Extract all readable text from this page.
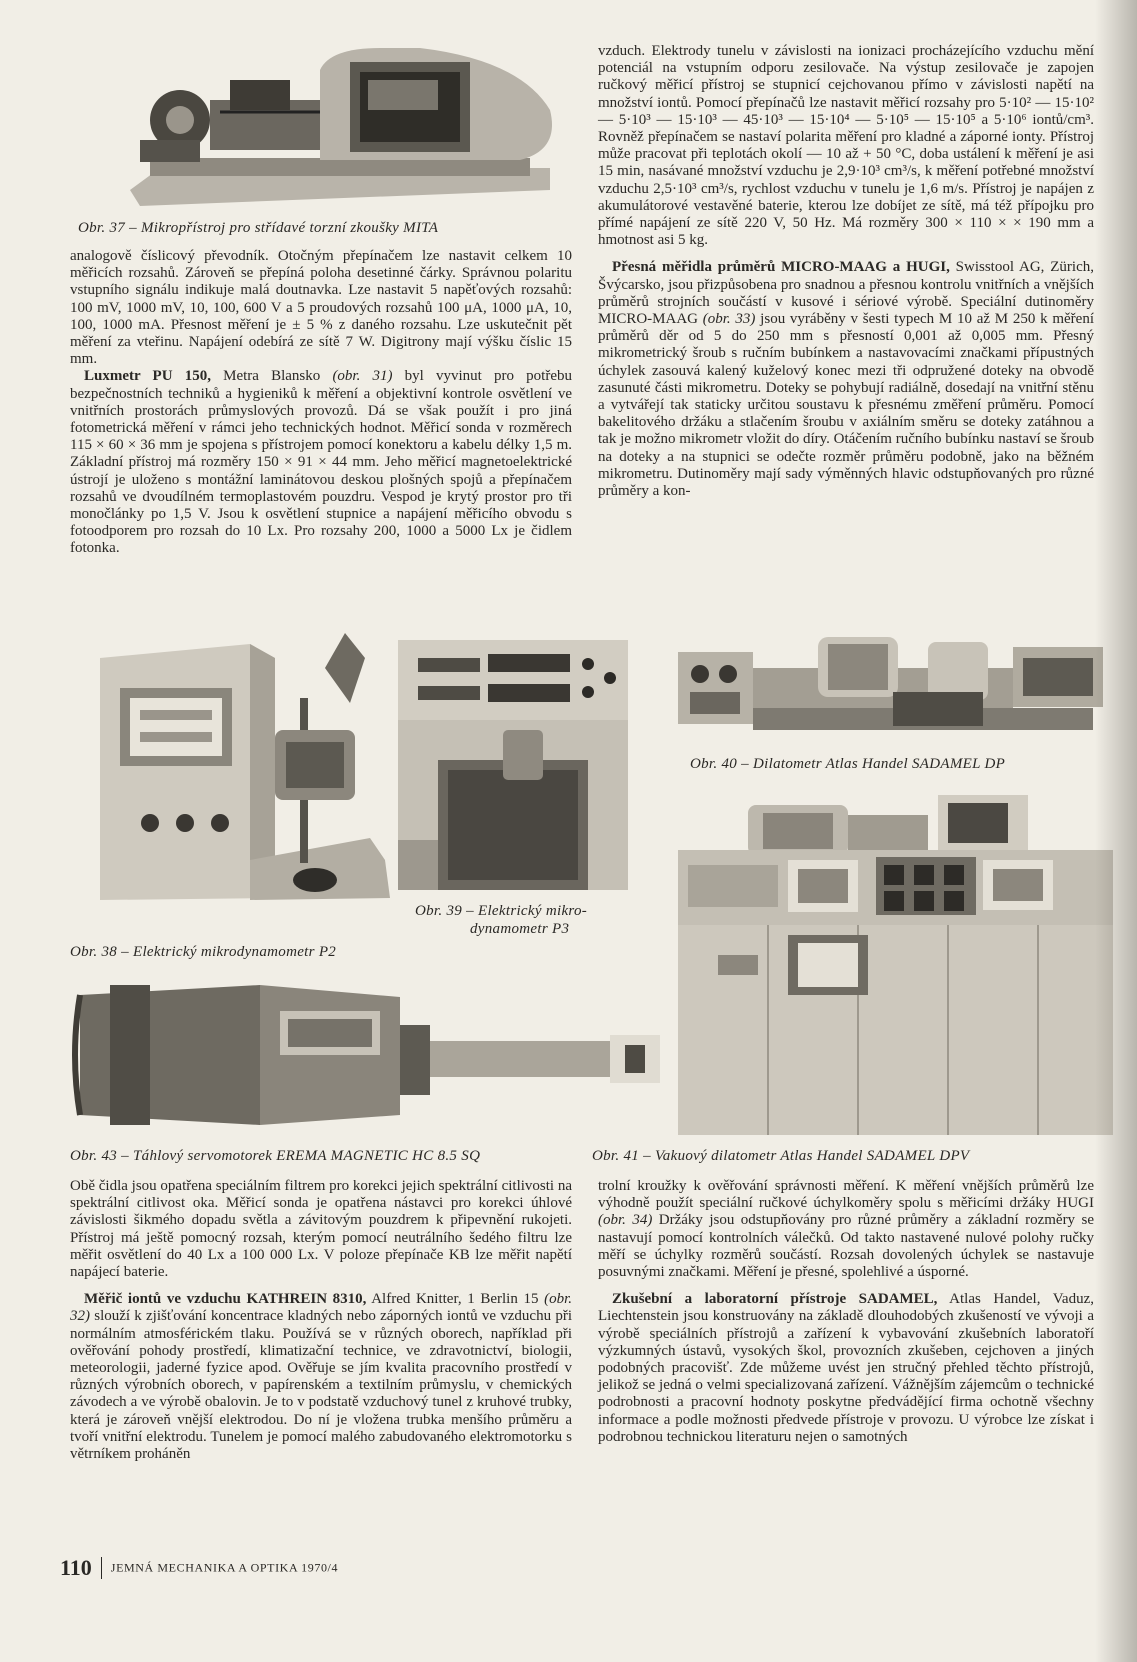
Obr. 37 – Mikropřístroj pro střídavé torzní zkoušky MITA
Obr. 38 – Elektrický mikrodynamometr P2
Obr. 39 – Elektrický mikro-
dynamometr P3
Obr. 40 – Dilatometr Atlas Handel SADAMEL DP
Obr. 41 – Vakuový dilatometr Atlas Handel SADAMEL DPV
Obr. 43 – Táhlový servomotorek EREMA MAGNETIC HC 8.5 SQ

analogově číslicový převodník. Otočným přepínačem lze nastavit celkem 10 měřicích rozsahů. Zároveň se přepíná poloha desetinné čárky. Správnou polaritu vstupního signálu indikuje malá doutnavka. Lze nastavit 5 napěťových rozsahů: 100 mV, 1000 mV, 10, 100, 600 V a 5 proudových rozsahů 100 μA, 1000 μA, 10, 100, 1000 mA. Přesnost měření je ± 5 % z daného rozsahu. Lze uskutečnit pět měření za vteřinu. Napájení odebírá ze sítě 7 W. Digitrony mají výšku číslic 15 mm.

Luxmetr PU 150, Metra Blansko (obr. 31) byl vyvinut pro potřebu bezpečnostních techniků a hygieniků k měření a objektivní kontrole osvětlení ve vnitřních prostorách průmyslových provozů. Dá se však použít i pro jiná fotometrická měření v rámci jeho technických hodnot. Měřicí sonda v rozměrech 115 × 60 × 36 mm je spojena s přístrojem pomocí konektoru a kabelu délky 1,5 m. Základní přístroj má rozměry 150 × 91 × 44 mm. Jeho měřicí magnetoelektrické ústrojí je uloženo s montážní laminátovou deskou plošných spojů a přepínačem rozsahů ve dvoudílném termoplastovém pouzdru. Vespod je krytý prostor pro tři monočlánky po 1,5 V. Jsou k osvětlení stupnice a napájení měřicího obvodu s fotoodporem pro rozsah do 10 Lx. Pro rozsahy 200, 1000 a 5000 Lx je čidlem fotonka.

vzduch. Elektrody tunelu v závislosti na ionizaci procházejícího vzduchu mění potenciál na vstupním odporu zesilovače. Na výstup zesilovače je zapojen ručkový měřicí přístroj se stupnicí cejchovanou přímo v závislosti napětí na množství iontů. Pomocí přepínačů lze nastavit měřicí rozsahy pro 5·10² — 15·10² — 5·10³ — 15·10³ — 45·10³ — 15·10⁴ — 5·10⁵ — 15·10⁵ a 5·10⁶ iontů/cm³. Rovněž přepínačem se nastaví polarita měření pro kladné a záporné ionty. Přístroj může pracovat při teplotách okolí — 10 až + 50 °C, doba ustálení k měření je asi 15 min, nasávané množství vzduchu je 2,9·10³ cm³/s, k měření potřebné množství vzduchu 2,5·10³ cm³/s, rychlost vzduchu v tunelu je 1,6 m/s. Přístroj je napájen z akumulátorové vestavěné baterie, kterou lze dobíjet ze sítě, má též přípojku pro přímé napájení ze sítě 220 V, 50 Hz. Má rozměry 300 × 110 × × 190 mm a hmotnost asi 5 kg.

Přesná měřidla průměrů MICRO-MAAG a HUGI, Swisstool AG, Zürich, Švýcarsko, jsou přizpůsobena pro snadnou a přesnou kontrolu vnitřních a vnějších průměrů strojních součástí v kusové i sériové výrobě. Speciální dutinoměry MICRO-MAAG (obr. 33) jsou vyráběny v šesti typech M 10 až M 250 k měření průměrů děr od 5 do 250 mm s přesností 0,001 až 0,005 mm. Přesný mikrometrický šroub s ručním bubínkem a nastavovacími značkami přípustných úchylek zasouvá kalený kuželový konec mezi tři odpružené doteky na obvodě zasunuté části mikrometru. Doteky se pohybují radiálně, dosedají na vnitřní stěnu a vytvářejí tak staticky určitou soustavu k přesnému změření průměru. Pomocí bakelitového držáku a stlačením šroubu v axiálním směru se doteky zatáhnou a tak je možno mikrometr vložit do díry. Otáčením ručního bubínku nastaví se šroub na doteky a na stupnici se odečte rozměr průměru podobně, jako na běžném mikrometru. Dutinoměry mají sady výměnných hlavic odstupňovaných pro různé průměry a kon-

Obě čidla jsou opatřena speciálním filtrem pro korekci jejich spektrální citlivosti na spektrální citlivost oka. Měřicí sonda je opatřena nástavci pro korekci úhlové závislosti šikmého dopadu světla a závitovým pouzdrem k připevnění rukojeti. Přístroj má ještě pomocný rozsah, kterým pomocí neutrálního šedého filtru lze měřit osvětlení do 40 Lx a 100 000 Lx. V poloze přepínače KB lze měřit napětí napájecí baterie.

Měřič iontů ve vzduchu KATHREIN 8310, Alfred Knitter, 1 Berlin 15 (obr. 32) slouží k zjišťování koncentrace kladných nebo záporných iontů ve vzduchu při normálním atmosférickém tlaku. Používá se v různých oborech, například při ověřování pohody prostředí, klimatizační technice, ve zdravotnictví, biologii, meteorologii, jaderné fyzice apod. Ověřuje se jím kvalita pracovního prostředí v různých výrobních oborech, v papírenském a textilním průmyslu, v chemických závodech a ve výrobě obalovin. Je to v podstatě vzduchový tunel z kruhové trubky, která je zároveň vnější elektrodou. Do ní je vložena trubka menšího průměru a tvoří vnitřní elektrodu. Tunelem je pomocí malého zabudovaného elektromotorku s větrníkem proháněn

trolní kroužky k ověřování správnosti měření. K měření vnějších průměrů lze výhodně použít speciální ručkové úchylkoměry spolu s měřicími držáky HUGI (obr. 34) Držáky jsou odstupňovány pro různé průměry a základní rozměry se nastavují pomocí kontrolních válečků. Od takto nastavené nulové polohy ručky měří se úchylky rozměrů součástí. Rozsah dovolených úchylek se nastavuje posuvnými značkami. Měření je přesné, spolehlivé a úsporné.

Zkušební a laboratorní přístroje SADAMEL, Atlas Handel, Vaduz, Liechtenstein jsou konstruovány na základě dlouhodobých zkušeností ve vývoji a výrobě speciálních přístrojů a zařízení k vybavování zkušebních laboratoří výzkumných ústavů, vysokých škol, provozních zkušeben, cejchoven a jiných podobných pracovišť. Zde můžeme uvést jen stručný přehled těchto přístrojů, jelikož se jedná o velmi specializovaná zařízení. Vážnějším zájemcům o technické podrobnosti a pracovní hodnoty poskytne předvádějící firma ochotně všechny informace a podle možnosti předvede přístroje v provozu. U výrobce lze získat i podrobnou technickou literaturu nejen o samotných

110 JEMNÁ MECHANIKA A OPTIKA 1970/4
